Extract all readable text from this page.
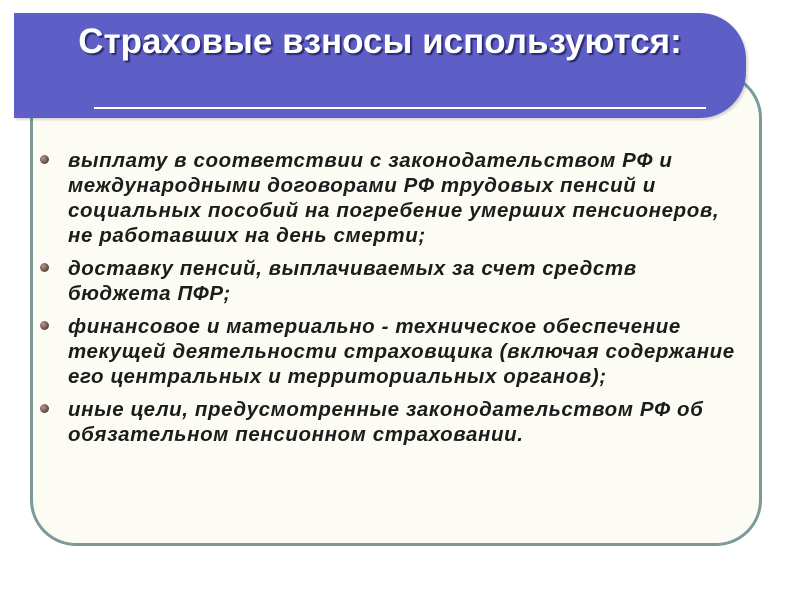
Страховые взносы используются:
выплату в соответствии с законодательством РФ и международными договорами РФ трудовых пенсий и социальных пособий на погребение умерших пенсионеров, не работавших на день смерти;
доставку пенсий, выплачиваемых за счет средств бюджета ПФР;
финансовое и материально - техническое обеспечение текущей деятельности страховщика (включая содержание его центральных и территориальных органов);
иные цели, предусмотренные законодательством РФ об обязательном пенсионном страховании.
